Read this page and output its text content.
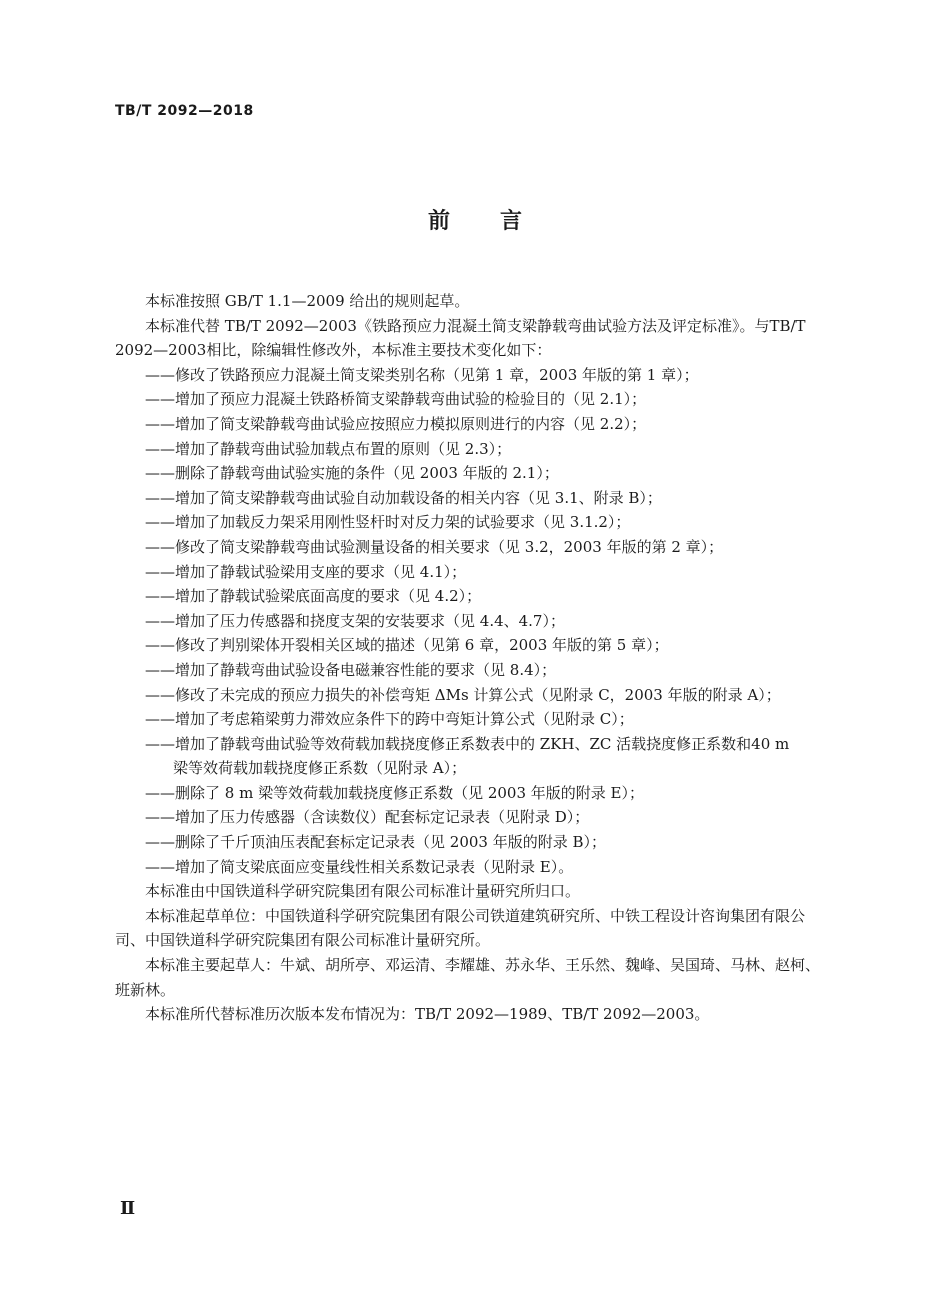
TB/T 2092—2018
前言

本标准按照 GB/T 1.1—2009 给出的规则起草。

本标准代替 TB/T 2092—2003《铁路预应力混凝土简支梁静载弯曲试验方法及评定标准》。与TB/T 2092—2003相比，除编辑性修改外，本标准主要技术变化如下：

——修改了铁路预应力混凝土简支梁类别名称（见第 1 章，2003 年版的第 1 章）；

——增加了预应力混凝土铁路桥简支梁静载弯曲试验的检验目的（见 2.1）；

——增加了简支梁静载弯曲试验应按照应力模拟原则进行的内容（见 2.2）；

——增加了静载弯曲试验加载点布置的原则（见 2.3）；

——删除了静载弯曲试验实施的条件（见 2003 年版的 2.1）；

——增加了简支梁静载弯曲试验自动加载设备的相关内容（见 3.1、附录 B）；

——增加了加载反力架采用刚性竖杆时对反力架的试验要求（见 3.1.2）；

——修改了简支梁静载弯曲试验测量设备的相关要求（见 3.2，2003 年版的第 2 章）；

——增加了静载试验梁用支座的要求（见 4.1）；

——增加了静载试验梁底面高度的要求（见 4.2）；

——增加了压力传感器和挠度支架的安装要求（见 4.4、4.7）；

——修改了判别梁体开裂相关区域的描述（见第 6 章，2003 年版的第 5 章）；

——增加了静载弯曲试验设备电磁兼容性能的要求（见 8.4）；

——修改了未完成的预应力损失的补偿弯矩 ΔMs 计算公式（见附录 C，2003 年版的附录 A）；

——增加了考虑箱梁剪力滞效应条件下的跨中弯矩计算公式（见附录 C）；

——增加了静载弯曲试验等效荷载加载挠度修正系数表中的 ZKH、ZC 活载挠度修正系数和40 m

梁等效荷载加载挠度修正系数（见附录 A）；

——删除了 8 m 梁等效荷载加载挠度修正系数（见 2003 年版的附录 E）；

——增加了压力传感器（含读数仪）配套标定记录表（见附录 D）；

——删除了千斤顶油压表配套标定记录表（见 2003 年版的附录 B）；

——增加了简支梁底面应变量线性相关系数记录表（见附录 E）。

本标准由中国铁道科学研究院集团有限公司标准计量研究所归口。

本标准起草单位：中国铁道科学研究院集团有限公司铁道建筑研究所、中铁工程设计咨询集团有限公司、中国铁道科学研究院集团有限公司标准计量研究所。

本标准主要起草人：牛斌、胡所亭、邓运清、李耀雄、苏永华、王乐然、魏峰、吴国琦、马林、赵柯、班新林。

本标准所代替标准历次版本发布情况为：TB/T 2092—1989、TB/T 2092—2003。

Ⅱ
